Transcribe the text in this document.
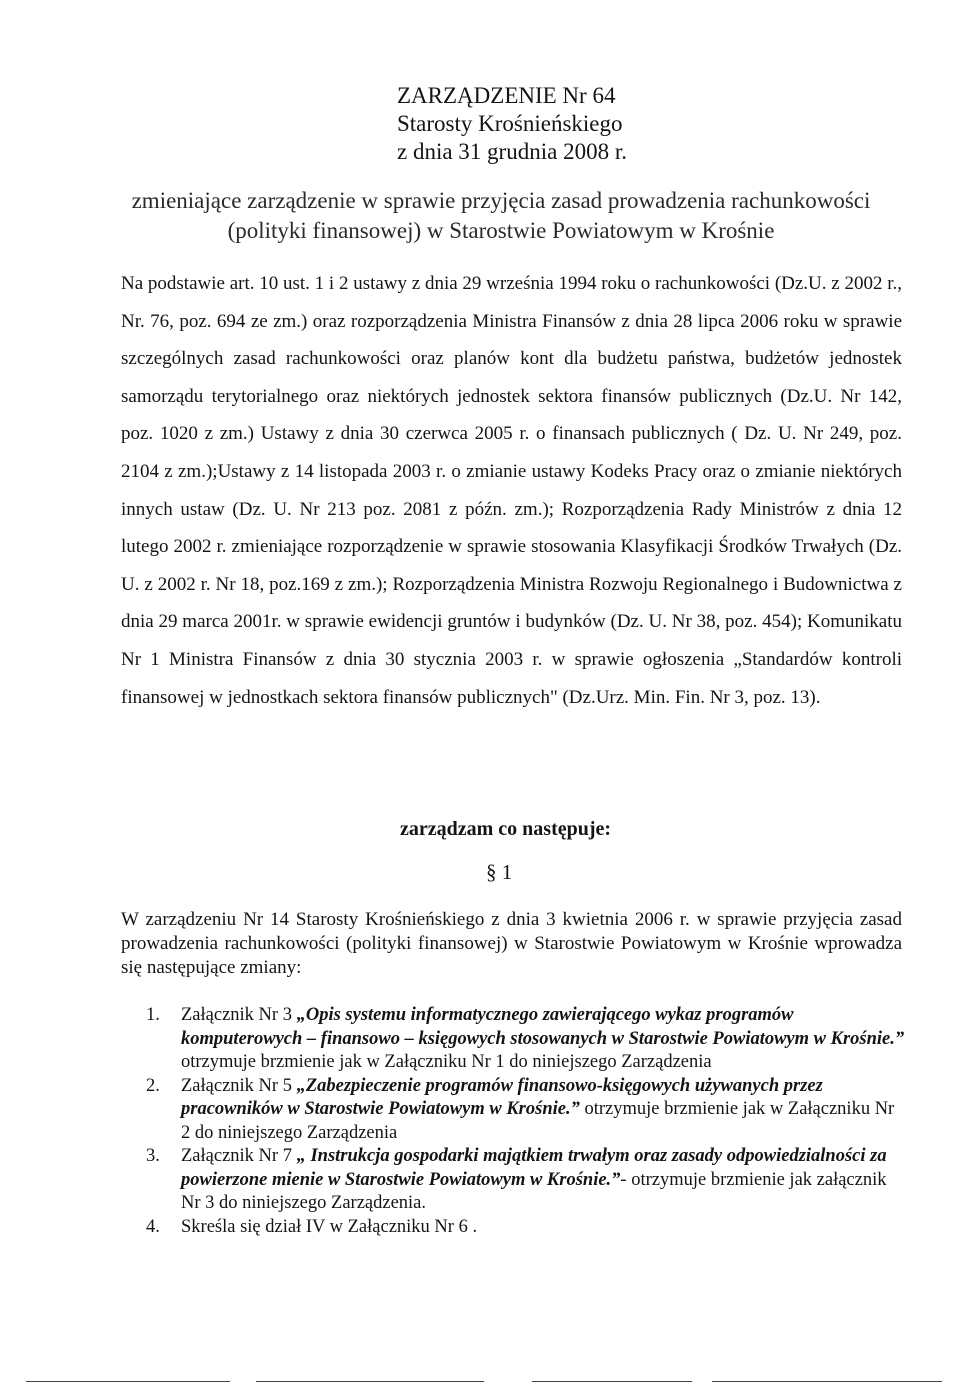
ZARZĄDZENIE Nr 64
Starosty Krośnieńskiego
z dnia 31 grudnia 2008 r.
zmieniające zarządzenie w sprawie przyjęcia zasad prowadzenia rachunkowości (polityki finansowej) w Starostwie Powiatowym w Krośnie
Na podstawie art. 10 ust. 1 i 2 ustawy z dnia 29 września 1994 roku o rachunkowości (Dz.U. z 2002 r., Nr. 76, poz. 694 ze zm.) oraz rozporządzenia Ministra Finansów z dnia 28 lipca 2006 roku w sprawie szczególnych zasad rachunkowości oraz planów kont dla budżetu państwa, budżetów jednostek samorządu terytorialnego oraz niektórych jednostek sektora finansów publicznych (Dz.U. Nr 142, poz. 1020 z zm.) Ustawy z dnia 30 czerwca 2005 r. o finansach publicznych ( Dz. U. Nr 249, poz. 2104 z zm.);Ustawy z 14 listopada 2003 r. o zmianie ustawy Kodeks Pracy oraz o zmianie niektórych innych ustaw (Dz. U. Nr 213 poz. 2081 z późn. zm.); Rozporządzenia Rady Ministrów z dnia 12 lutego 2002 r. zmieniające rozporządzenie w sprawie stosowania Klasyfikacji Środków Trwałych (Dz. U. z 2002 r. Nr 18, poz.169 z zm.); Rozporządzenia Ministra Rozwoju Regionalnego i Budownictwa z dnia 29 marca 2001r. w sprawie ewidencji gruntów i budynków (Dz. U. Nr 38, poz. 454); Komunikatu Nr 1 Ministra Finansów z dnia 30 stycznia 2003 r. w sprawie ogłoszenia „Standardów kontroli finansowej w jednostkach sektora finansów publicznych" (Dz.Urz. Min. Fin. Nr 3, poz. 13).
zarządzam co następuje:
§ 1
W zarządzeniu Nr 14 Starosty Krośnieńskiego z dnia 3 kwietnia 2006 r. w sprawie przyjęcia zasad prowadzenia rachunkowości (polityki finansowej) w Starostwie Powiatowym w Krośnie wprowadza się następujące zmiany:
1. Załącznik Nr 3 „Opis systemu informatycznego zawierającego wykaz programów komputerowych – finansowo – księgowych stosowanych w Starostwie Powiatowym w Krośnie.” otrzymuje brzmienie jak w Załączniku Nr 1 do niniejszego Zarządzenia
2. Załącznik Nr 5 „Zabezpieczenie programów finansowo-księgowych używanych przez pracowników w Starostwie Powiatowym w Krośnie.” otrzymuje brzmienie jak w Załączniku Nr 2 do niniejszego Zarządzenia
3. Załącznik Nr 7 „ Instrukcja gospodarki majątkiem trwałym oraz zasady odpowiedzialności za powierzone mienie w Starostwie Powiatowym w Krośnie.”- otrzymuje brzmienie jak załącznik Nr 3 do niniejszego Zarządzenia.
4. Skreśla się dział IV w Załączniku Nr 6 .
